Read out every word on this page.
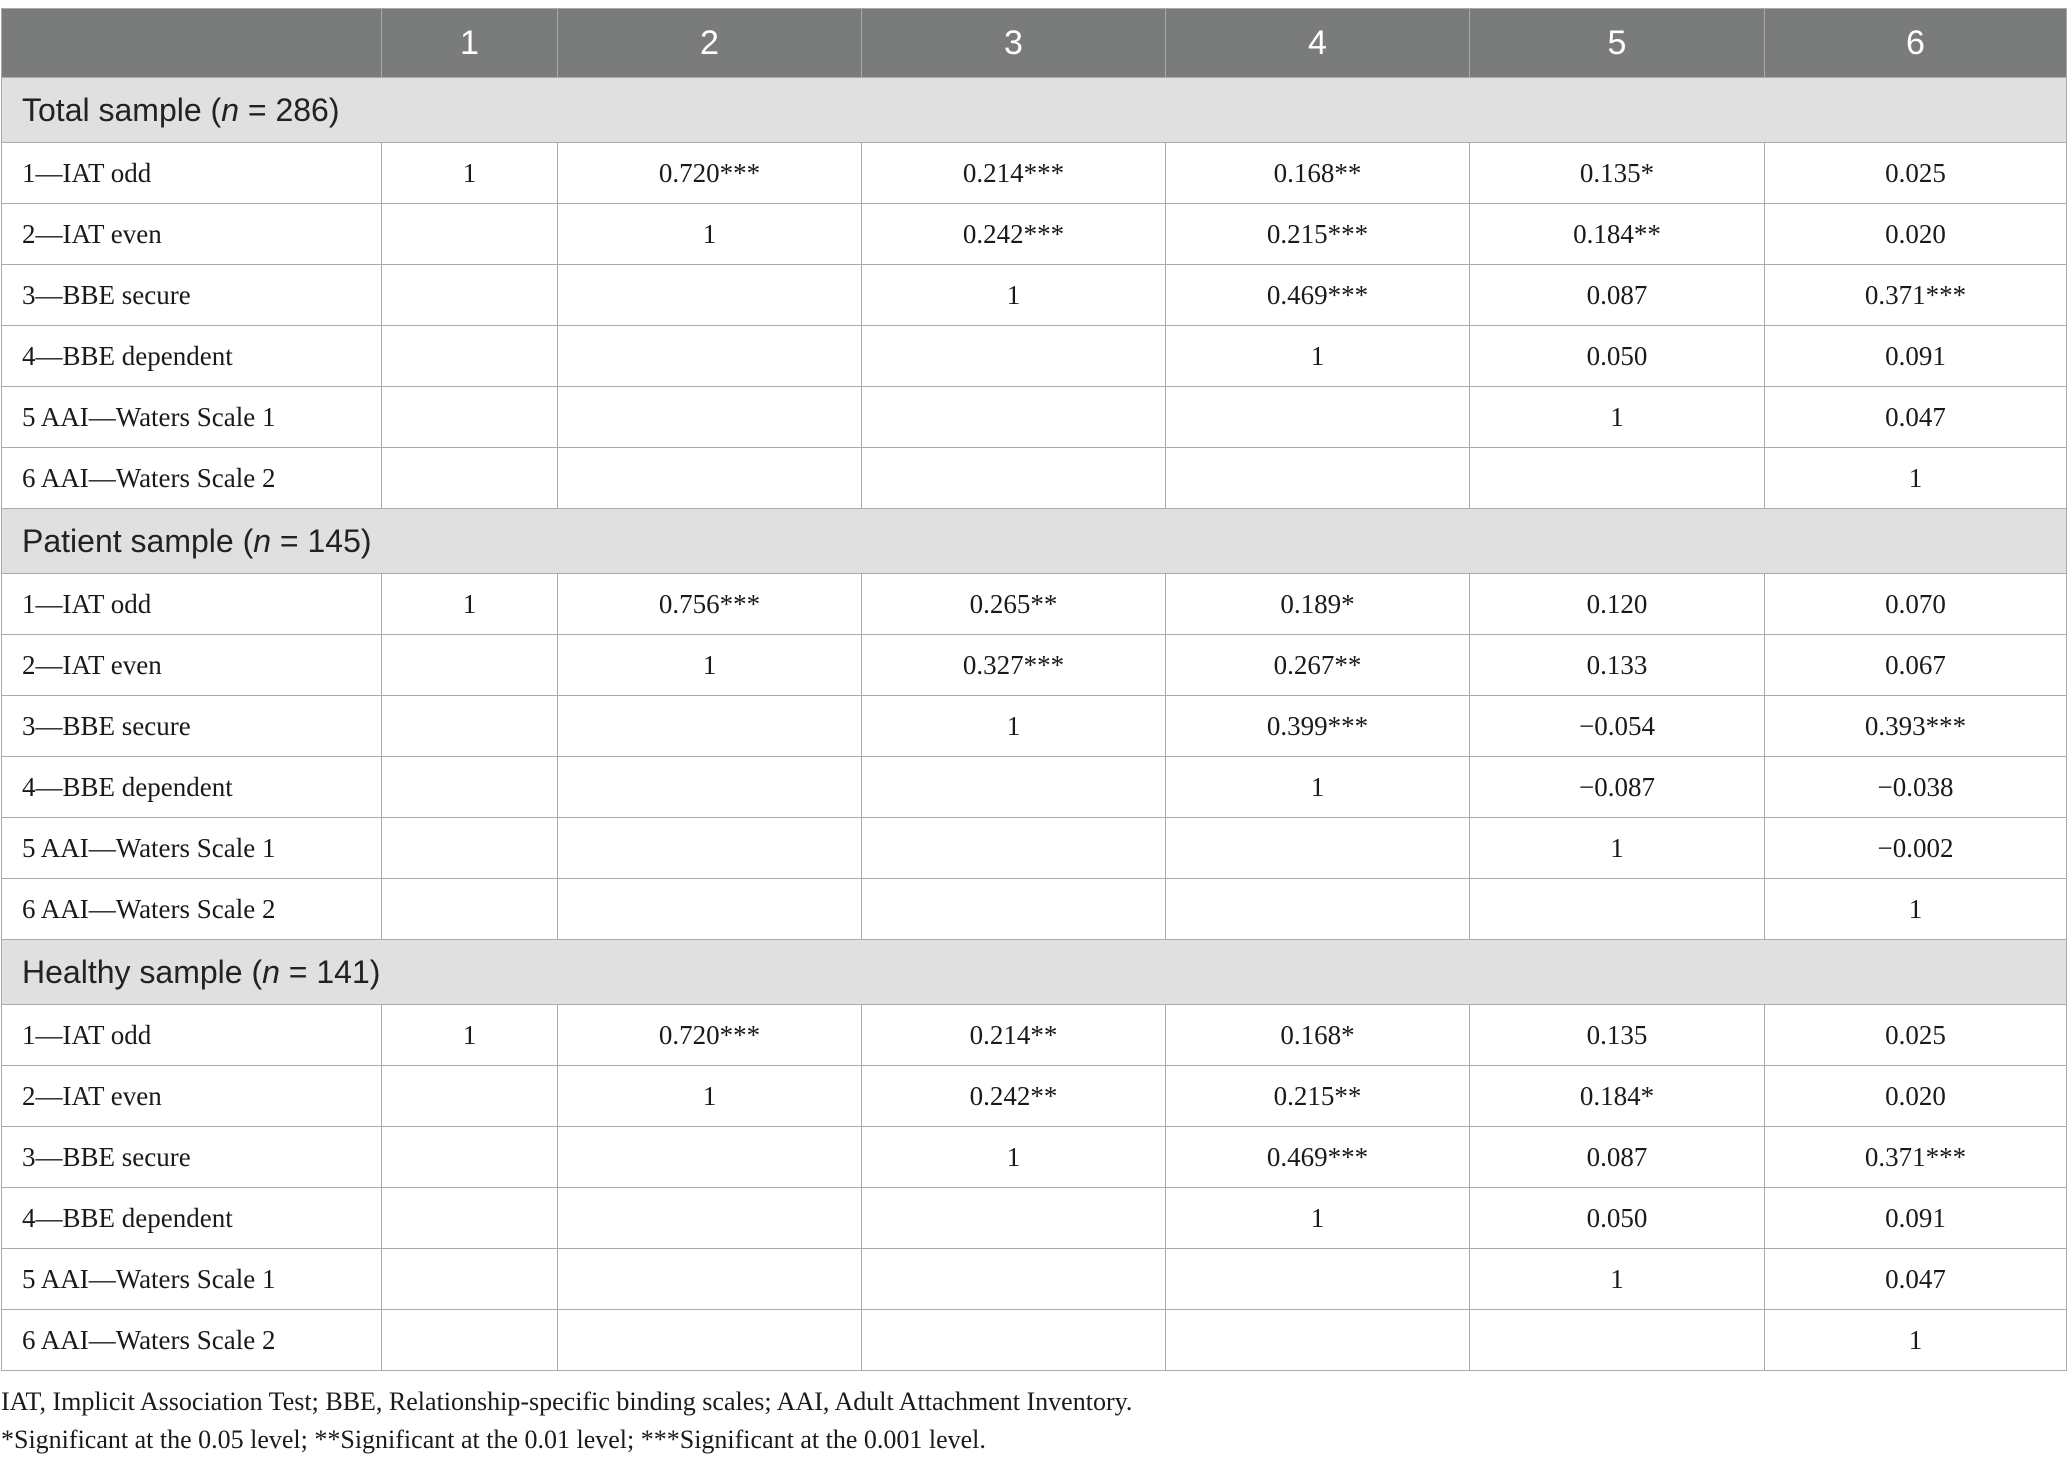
	1	2	3	4	5	6
Total sample (n = 286)						
1—IAT odd	1	0.720***	0.214***	0.168**	0.135*	0.025
2—IAT even		1	0.242***	0.215***	0.184**	0.020
3—BBE secure			1	0.469***	0.087	0.371***
4—BBE dependent				1	0.050	0.091
5 AAI—Waters Scale 1					1	0.047
6 AAI—Waters Scale 2						1
Patient sample (n = 145)						
1—IAT odd	1	0.756***	0.265**	0.189*	0.120	0.070
2—IAT even		1	0.327***	0.267**	0.133	0.067
3—BBE secure			1	0.399***	−0.054	0.393***
4—BBE dependent				1	−0.087	−0.038
5 AAI—Waters Scale 1					1	−0.002
6 AAI—Waters Scale 2						1
Healthy sample (n = 141)						
1—IAT odd	1	0.720***	0.214**	0.168*	0.135	0.025
2—IAT even		1	0.242**	0.215**	0.184*	0.020
3—BBE secure			1	0.469***	0.087	0.371***
4—BBE dependent				1	0.050	0.091
5 AAI—Waters Scale 1					1	0.047
6 AAI—Waters Scale 2						1
IAT, Implicit Association Test; BBE, Relationship-specific binding scales; AAI, Adult Attachment Inventory.
*Significant at the 0.05 level; **Significant at the 0.01 level; ***Significant at the 0.001 level.
